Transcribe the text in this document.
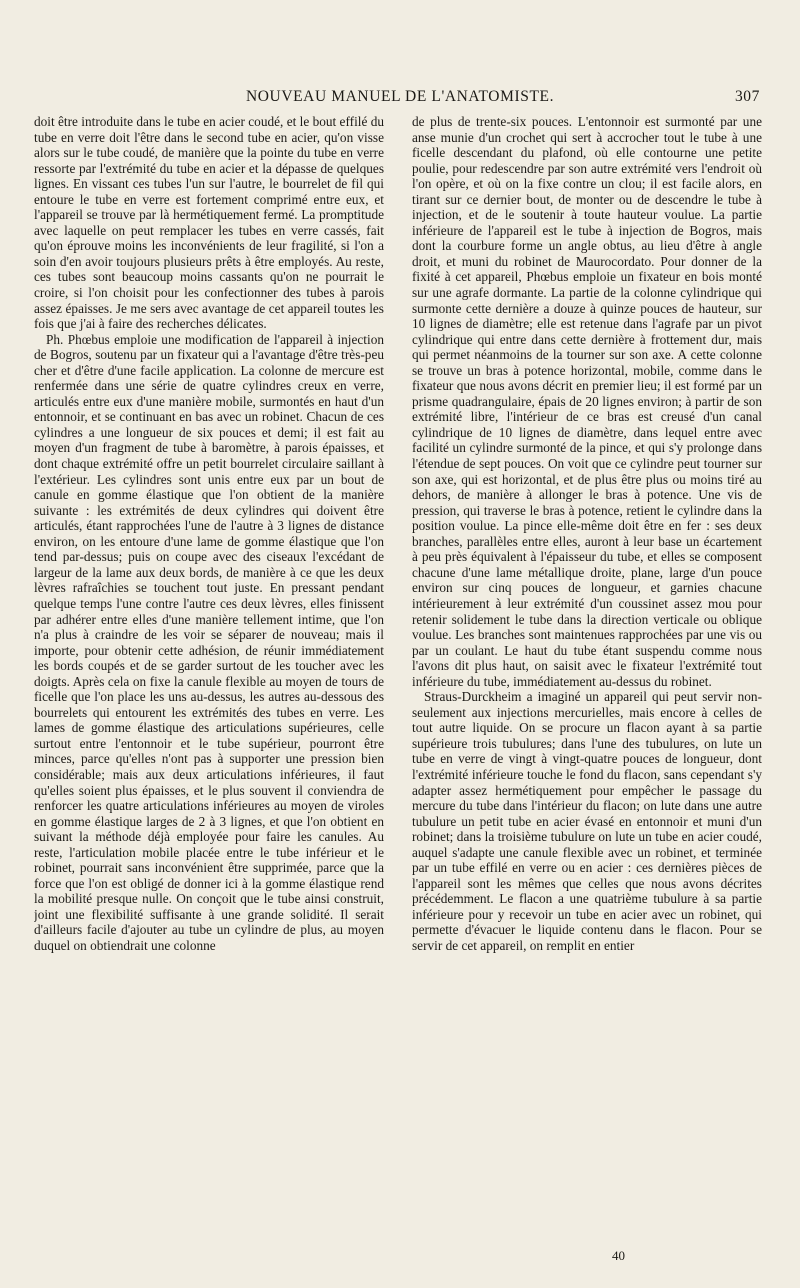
NOUVEAU MANUEL DE L'ANATOMISTE.	307

doit être introduite dans le tube en acier coudé, et le bout effilé du tube en verre doit l'être dans le second tube en acier, qu'on visse alors sur le tube coudé, de manière que la pointe du tube en verre ressorte par l'extrémité du tube en acier et la dépasse de quelques lignes. En vissant ces tubes l'un sur l'autre, le bourrelet de fil qui entoure le tube en verre est fortement comprimé entre eux, et l'appareil se trouve par là hermétiquement fermé. La promptitude avec laquelle on peut remplacer les tubes en verre cassés, fait qu'on éprouve moins les inconvénients de leur fragilité, si l'on a soin d'en avoir toujours plusieurs prêts à être employés. Au reste, ces tubes sont beaucoup moins cassants qu'on ne pourrait le croire, si l'on choisit pour les confectionner des tubes à parois assez épaisses. Je me sers avec avantage de cet appareil toutes les fois que j'ai à faire des recherches délicates.

Ph. Phœbus emploie une modification de l'appareil à injection de Bogros, soutenu par un fixateur qui a l'avantage d'être très-peu cher et d'être d'une facile application. La colonne de mercure est renfermée dans une série de quatre cylindres creux en verre, articulés entre eux d'une manière mobile, surmontés en haut d'un entonnoir, et se continuant en bas avec un robinet. Chacun de ces cylindres a une longueur de six pouces et demi; il est fait au moyen d'un fragment de tube à baromètre, à parois épaisses, et dont chaque extrémité offre un petit bourrelet circulaire saillant à l'extérieur. Les cylindres sont unis entre eux par un bout de canule en gomme élastique que l'on obtient de la manière suivante : les extrémités de deux cylindres qui doivent être articulés, étant rapprochées l'une de l'autre à 3 lignes de distance environ, on les entoure d'une lame de gomme élastique que l'on tend par-dessus; puis on coupe avec des ciseaux l'excédant de largeur de la lame aux deux bords, de manière à ce que les deux lèvres rafraîchies se touchent tout juste. En pressant pendant quelque temps l'une contre l'autre ces deux lèvres, elles finissent par adhérer entre elles d'une manière tellement intime, que l'on n'a plus à craindre de les voir se séparer de nouveau; mais il importe, pour obtenir cette adhésion, de réunir immédiatement les bords coupés et de se garder surtout de les toucher avec les doigts. Après cela on fixe la canule flexible au moyen de tours de ficelle que l'on place les uns au-dessus, les autres au-dessous des bourrelets qui entourent les extrémités des tubes en verre. Les lames de gomme élastique des articulations supérieures, celle surtout entre l'entonnoir et le tube supérieur, pourront être minces, parce qu'elles n'ont pas à supporter une pression bien considérable; mais aux deux articulations inférieures, il faut qu'elles soient plus épaisses, et le plus souvent il conviendra de renforcer les quatre articulations inférieures au moyen de viroles en gomme élastique larges de 2 à 3 lignes, et que l'on obtient en suivant la méthode déjà employée pour faire les canules. Au reste, l'articulation mobile placée entre le tube inférieur et le robinet, pourrait sans inconvénient être supprimée, parce que la force que l'on est obligé de donner ici à la gomme élastique rend la mobilité presque nulle. On conçoit que le tube ainsi construit, joint une flexibilité suffisante à une grande solidité. Il serait d'ailleurs facile d'ajouter au tube un cylindre de plus, au moyen duquel on obtiendrait une colonne

de plus de trente-six pouces. L'entonnoir est surmonté par une anse munie d'un crochet qui sert à accrocher tout le tube à une ficelle descendant du plafond, où elle contourne une petite poulie, pour redescendre par son autre extrémité vers l'endroit où l'on opère, et où on la fixe contre un clou; il est facile alors, en tirant sur ce dernier bout, de monter ou de descendre le tube à injection, et de le soutenir à toute hauteur voulue. La partie inférieure de l'appareil est le tube à injection de Bogros, mais dont la courbure forme un angle obtus, au lieu d'être à angle droit, et muni du robinet de Maurocordato. Pour donner de la fixité à cet appareil, Phœbus emploie un fixateur en bois monté sur une agrafe dormante. La partie de la colonne cylindrique qui surmonte cette dernière a douze à quinze pouces de hauteur, sur 10 lignes de diamètre; elle est retenue dans l'agrafe par un pivot cylindrique qui entre dans cette dernière à frottement dur, mais qui permet néanmoins de la tourner sur son axe. A cette colonne se trouve un bras à potence horizontal, mobile, comme dans le fixateur que nous avons décrit en premier lieu; il est formé par un prisme quadrangulaire, épais de 20 lignes environ; à partir de son extrémité libre, l'intérieur de ce bras est creusé d'un canal cylindrique de 10 lignes de diamètre, dans lequel entre avec facilité un cylindre surmonté de la pince, et qui s'y prolonge dans l'étendue de sept pouces. On voit que ce cylindre peut tourner sur son axe, qui est horizontal, et de plus être plus ou moins tiré au dehors, de manière à allonger le bras à potence. Une vis de pression, qui traverse le bras à potence, retient le cylindre dans la position voulue. La pince elle-même doit être en fer : ses deux branches, parallèles entre elles, auront à leur base un écartement à peu près équivalent à l'épaisseur du tube, et elles se composent chacune d'une lame métallique droite, plane, large d'un pouce environ sur cinq pouces de longueur, et garnies chacune intérieurement à leur extrémité d'un coussinet assez mou pour retenir solidement le tube dans la direction verticale ou oblique voulue. Les branches sont maintenues rapprochées par une vis ou par un coulant. Le haut du tube étant suspendu comme nous l'avons dit plus haut, on saisit avec le fixateur l'extrémité tout inférieure du tube, immédiatement au-dessus du robinet.

Straus-Durckheim a imaginé un appareil qui peut servir non-seulement aux injections mercurielles, mais encore à celles de tout autre liquide. On se procure un flacon ayant à sa partie supérieure trois tubulures; dans l'une des tubulures, on lute un tube en verre de vingt à vingt-quatre pouces de longueur, dont l'extrémité inférieure touche le fond du flacon, sans cependant s'y adapter assez hermétiquement pour empêcher le passage du mercure du tube dans l'intérieur du flacon; on lute dans une autre tubulure un petit tube en acier évasé en entonnoir et muni d'un robinet; dans la troisième tubulure on lute un tube en acier coudé, auquel s'adapte une canule flexible avec un robinet, et terminée par un tube effilé en verre ou en acier : ces dernières pièces de l'appareil sont les mêmes que celles que nous avons décrites précédemment. Le flacon a une quatrième tubulure à sa partie inférieure pour y recevoir un tube en acier avec un robinet, qui permette d'évacuer le liquide contenu dans le flacon. Pour se servir de cet appareil, on remplit en entier

40
